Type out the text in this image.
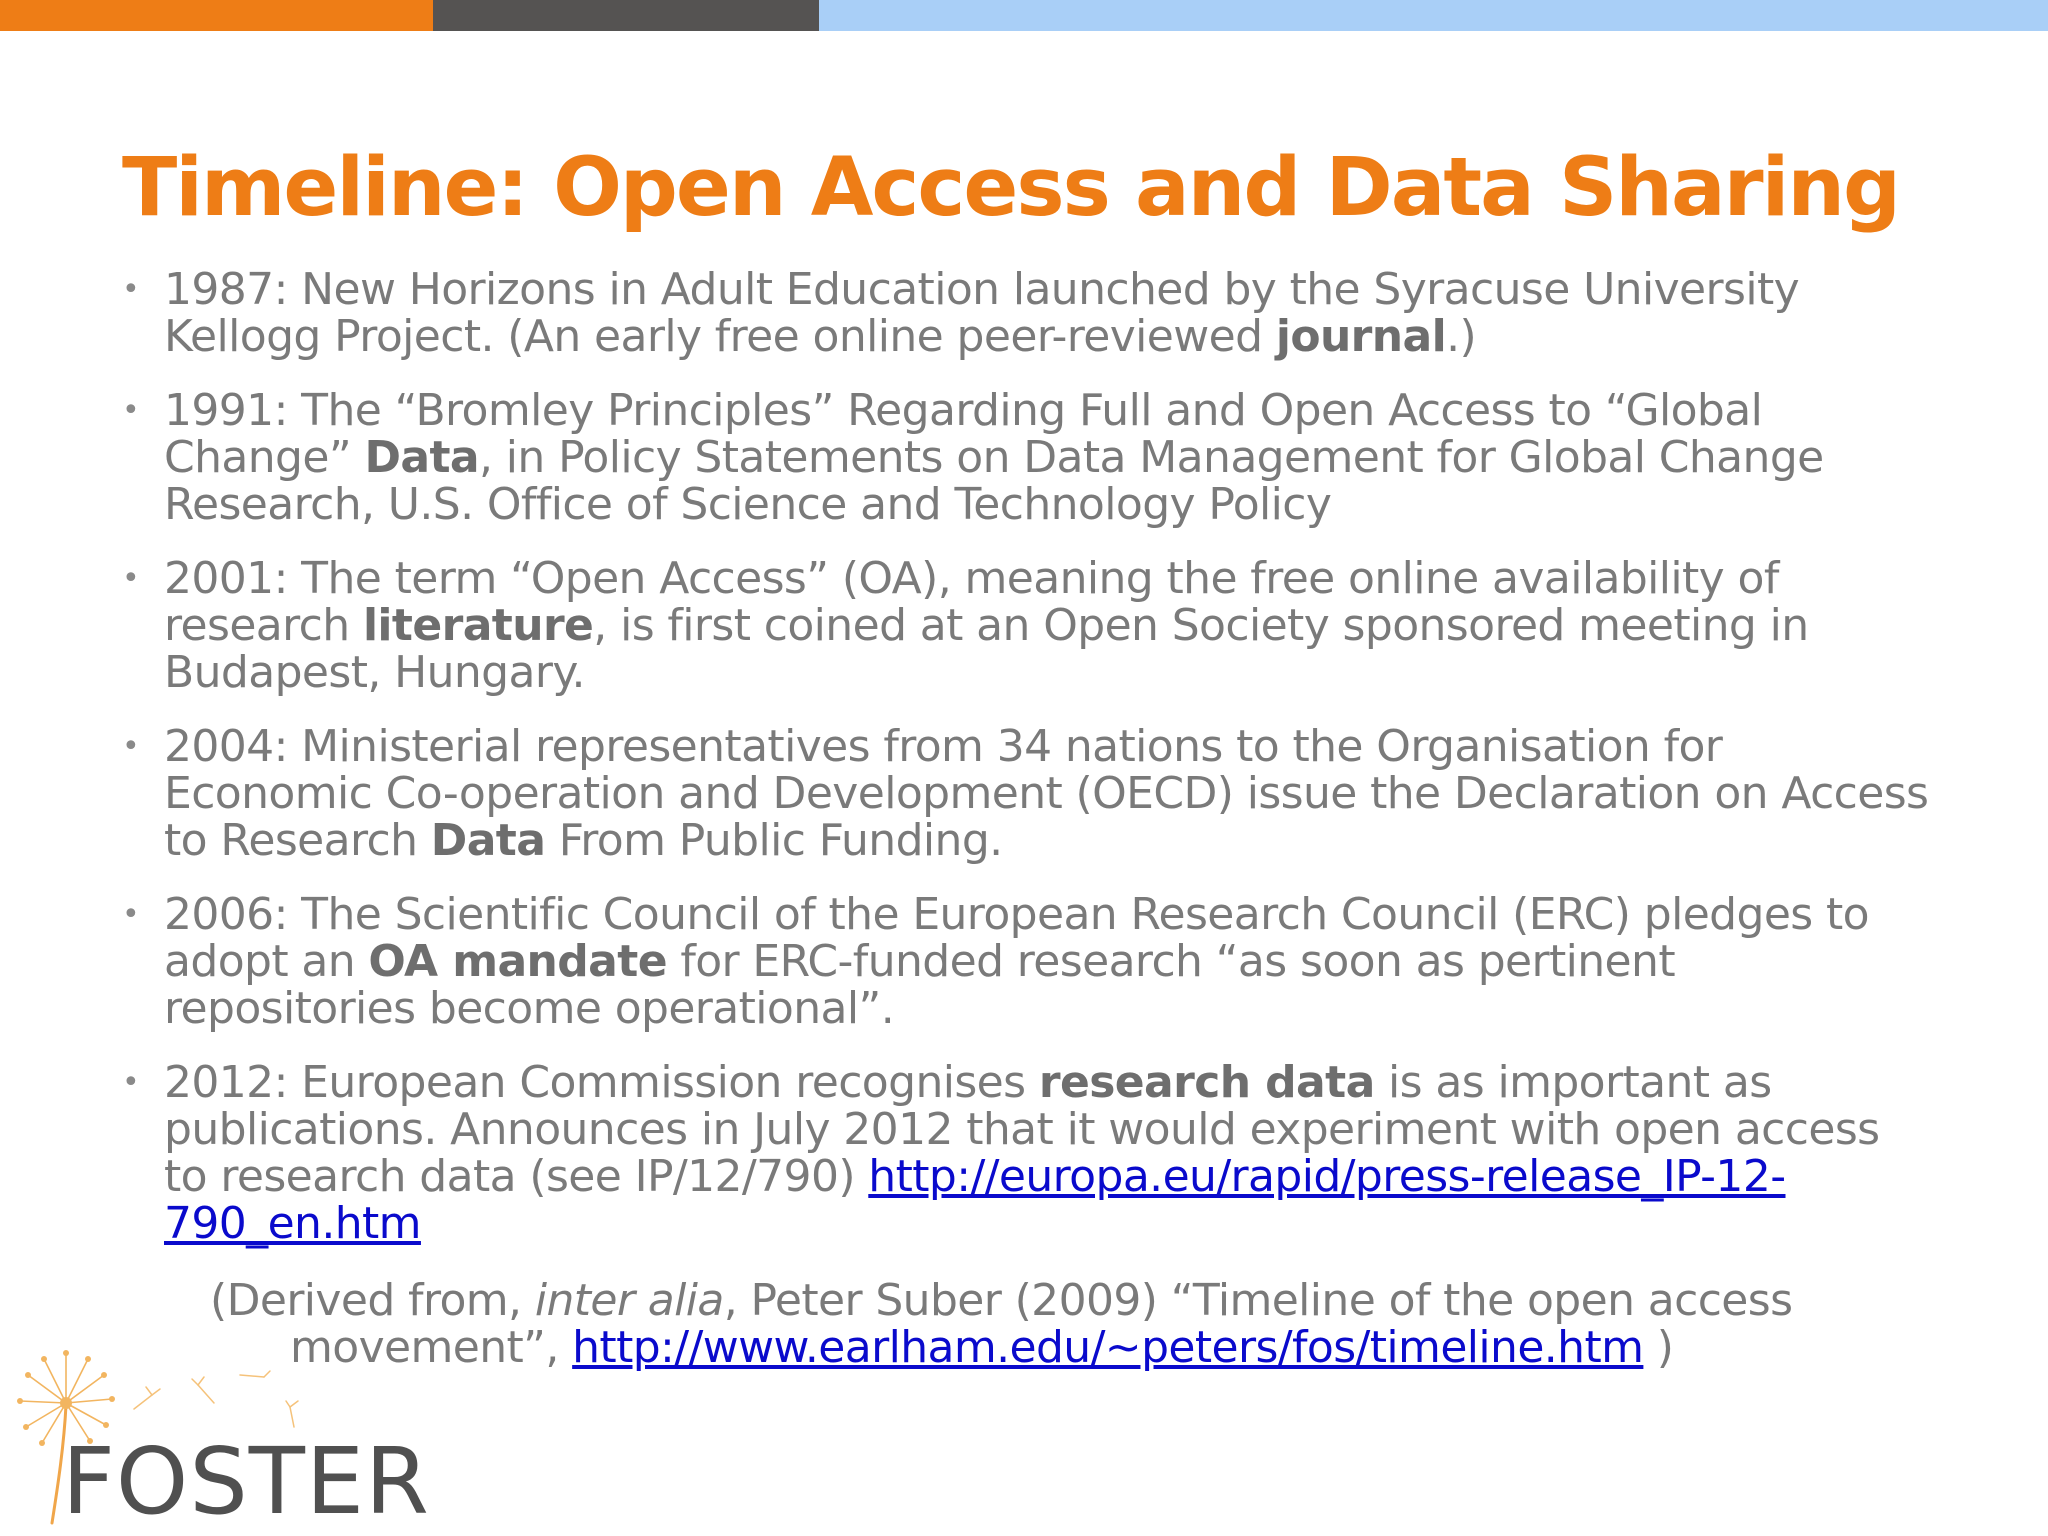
Timeline: Open Access and Data Sharing
• 1987: New Horizons in Adult Education launched by the Syracuse University Kellogg Project. (An early free online peer-reviewed journal.)
• 1991: The “Bromley Principles” Regarding Full and Open Access to “Global Change” Data, in Policy Statements on Data Management for Global Change Research, U.S. Office of Science and Technology Policy
• 2001: The term “Open Access” (OA), meaning the free online availability of research literature, is first coined at an Open Society sponsored meeting in Budapest, Hungary.
• 2004: Ministerial representatives from 34 nations to the Organisation for Economic Co-operation and Development (OECD) issue the Declaration on Access to Research Data From Public Funding.
• 2006: The Scientific Council of the European Research Council (ERC) pledges to adopt an OA mandate for ERC-funded research “as soon as pertinent repositories become operational”.
• 2012: European Commission recognises research data is as important as publications. Announces in July 2012 that it would experiment with open access to research data (see IP/12/790) http://europa.eu/rapid/press-release_IP-12-790_en.htm
(Derived from, inter alia, Peter Suber (2009) “Timeline of the open access movement”, http://www.earlham.edu/~peters/fos/timeline.htm )
FOSTER
